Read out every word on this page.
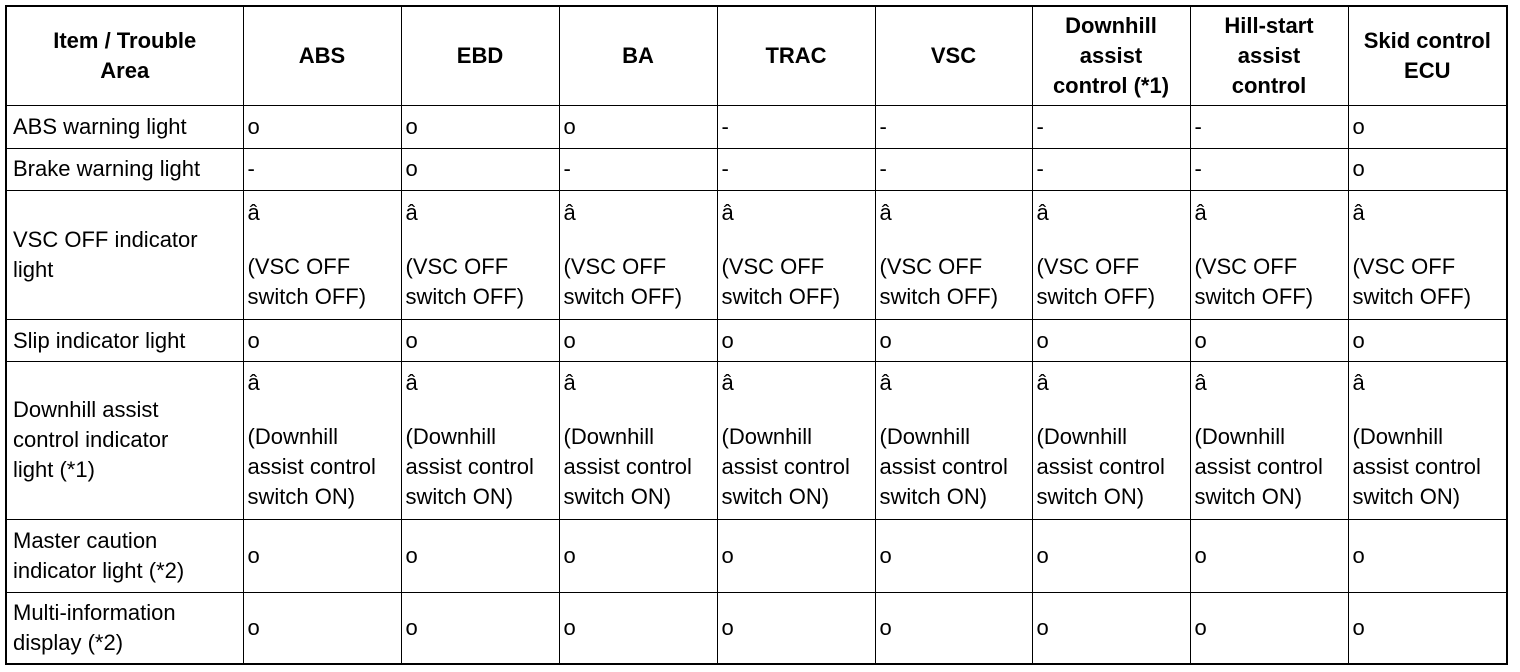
Item / Trouble
Area	ABS	EBD	BA	TRAC	VSC	Downhill
assist
control (*1)	Hill-start
assist
control	Skid control
ECU

ABS warning light	o	o	o	-	-	-	-	o
Brake warning light	-	o	-	-	-	-	-	o

VSC OFF indicator
light	â
(VSC OFF
switch OFF)	â
(VSC OFF
switch OFF)	â
(VSC OFF
switch OFF)	â
(VSC OFF
switch OFF)	â
(VSC OFF
switch OFF)	â
(VSC OFF
switch OFF)	â
(VSC OFF
switch OFF)	â
(VSC OFF
switch OFF)

Slip indicator light	o	o	o	o	o	o	o	o

Downhill assist
control indicator
light (*1)	â
(Downhill
assist control
switch ON)	â
(Downhill
assist control
switch ON)	â
(Downhill
assist control
switch ON)	â
(Downhill
assist control
switch ON)	â
(Downhill
assist control
switch ON)	â
(Downhill
assist control
switch ON)	â
(Downhill
assist control
switch ON)	â
(Downhill
assist control
switch ON)

Master caution
indicator light (*2)	o	o	o	o	o	o	o	o

Multi-information
display (*2)	o	o	o	o	o	o	o	o
